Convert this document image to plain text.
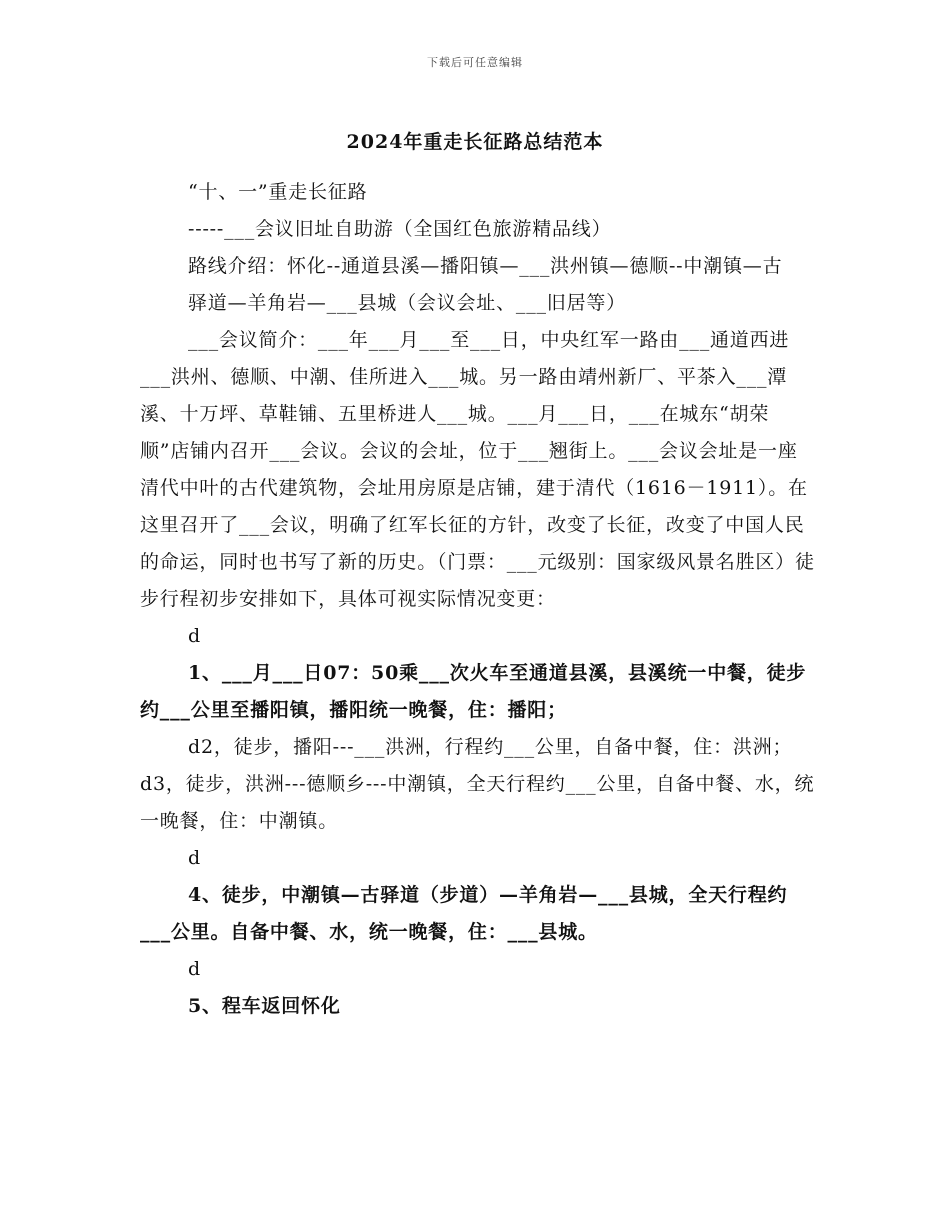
下载后可任意编辑
2024年重走长征路总结范本

“十、一”重走长征路

-----___会议旧址自助游（全国红色旅游精品线）

路线介绍：怀化--通道县溪—播阳镇—___洪州镇—德顺--中潮镇—古

驿道—羊角岩—___县城（会议会址、___旧居等）

___会议简介：___年___月___至___日，中央红军一路由___通道西进___洪州、德顺、中潮、佳所进入___城。另一路由靖州新厂、平茶入___潭溪、十万坪、草鞋铺、五里桥进人___城。___月___日，___在城东“胡荣顺”店铺内召开___会议。会议的会址，位于___翘街上。___会议会址是一座清代中叶的古代建筑物，会址用房原是店铺，建于清代（1616－1911）。在这里召开了___会议，明确了红军长征的方针，改变了长征，改变了中国人民的命运，同时也书写了新的历史。（门票：___元级别：国家级风景名胜区）徒步行程初步安排如下，具体可视实际情况变更：

d

1、___月___日07：50乘___次火车至通道县溪，县溪统一中餐，徒步约___公里至播阳镇，播阳统一晚餐，住：播阳；

d2，徒步，播阳---___洪洲，行程约___公里，自备中餐，住：洪洲；d3，徒步，洪洲---德顺乡---中潮镇，全天行程约___公里，自备中餐、水，统一晚餐，住：中潮镇。

d

4、徒步，中潮镇—古驿道（步道）—羊角岩—___县城，全天行程约___公里。自备中餐、水，统一晚餐，住：___县城。

d

5、程车返回怀化
